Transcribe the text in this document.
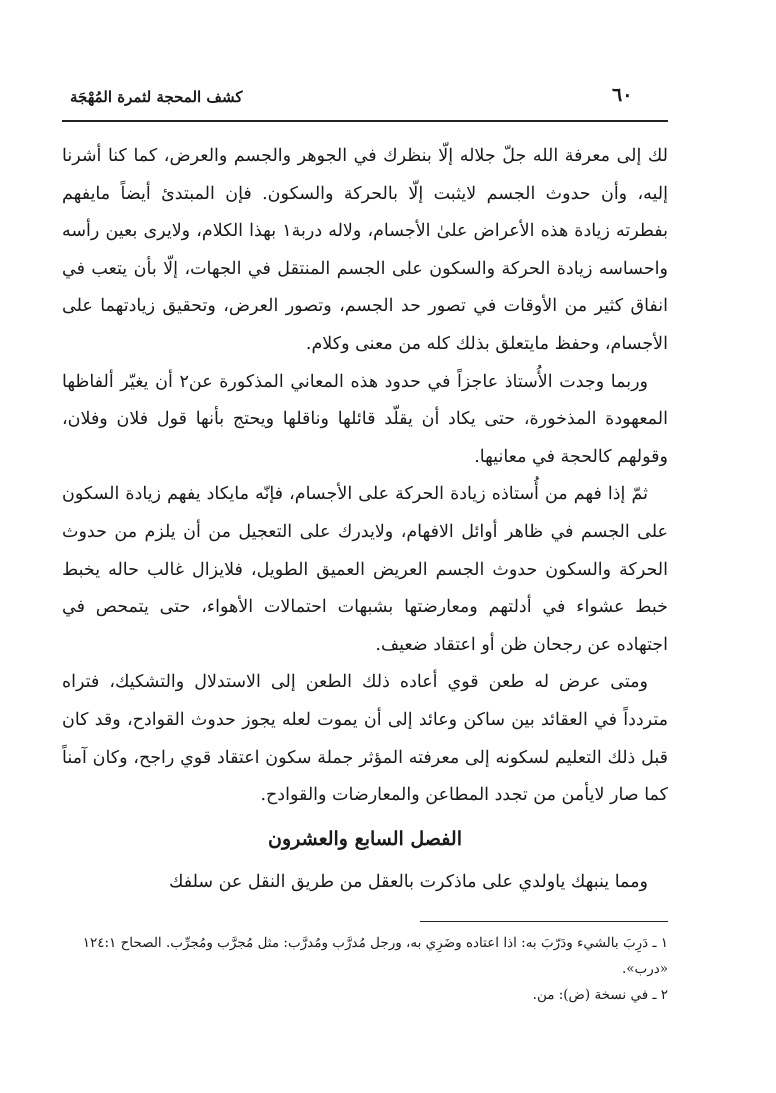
كشف المحجة لثمرة المُهْجَة	٦٠

لك إلى معرفة الله جلّ جلاله إلّا بنظرك في الجوهر والجسم والعرض، كما كنا أشرنا إليه، وأن حدوث الجسم لايثبت إلّا بالحركة والسكون. فإن المبتدئ أيضاً مايفهم بفطرته زيادة هذه الأعراض علىٰ الأجسام، ولاله دربة١ بهذا الكلام، ولايرى بعين رأسه واحساسه زيادة الحركة والسكون على الجسم المنتقل في الجهات، إلّا بأن يتعب في انفاق كثير من الأوقات في تصور حد الجسم، وتصور العرض، وتحقيق زيادتهما على الأجسام، وحفظ مايتعلق بذلك كله من معنى وكلام.

وربما وجدت الأُستاذ عاجزاً في حدود هذه المعاني المذكورة عن٢ أن يغيّر ألفاظها المعهودة المذخورة، حتى يكاد أن يقلّد قائلها وناقلها ويحتج بأنها قول فلان وفلان، وقولهم كالحجة في معانيها.

ثمّ إذا فهم من أُستاذه زيادة الحركة على الأجسام، فإنّه مايكاد يفهم زيادة السكون على الجسم في ظاهر أوائل الافهام، ولايدرك على التعجيل من أن يلزم من حدوث الحركة والسكون حدوث الجسم العريض العميق الطويل، فلايزال غالب حاله يخبط خبط عشواء في أدلتهم ومعارضتها بشبهات احتمالات الأهواء، حتى يتمحص في اجتهاده عن رجحان ظن أو اعتقاد ضعيف.

ومتى عرض له طعن قوي أعاده ذلك الطعن إلى الاستدلال والتشكيك، فتراه متردداً في العقائد بين ساكن وعائد إلى أن يموت لعله يجوز حدوث القوادح، وقد كان قبل ذلك التعليم لسكونه إلى معرفته المؤثر جملة سكون اعتقاد قوي راجح، وكان آمناً كما صار لايأمن من تجدد المطاعن والمعارضات والقوادح.

الفصل السابع والعشرون
ومما ينبهك ياولدي على ماذكرت بالعقل من طريق النقل عن سلفك

١ ـ دَرِبَ بالشيء ودَرّبَ به: اذا اعتاده وضَرِي به، ورجل مُدرَّب ومُدرَّب: مثل مُجرَّب ومُجرِّب. الصحاح ١٢٤:١ «درب».

٢ ـ في نسخة (ض): من.
